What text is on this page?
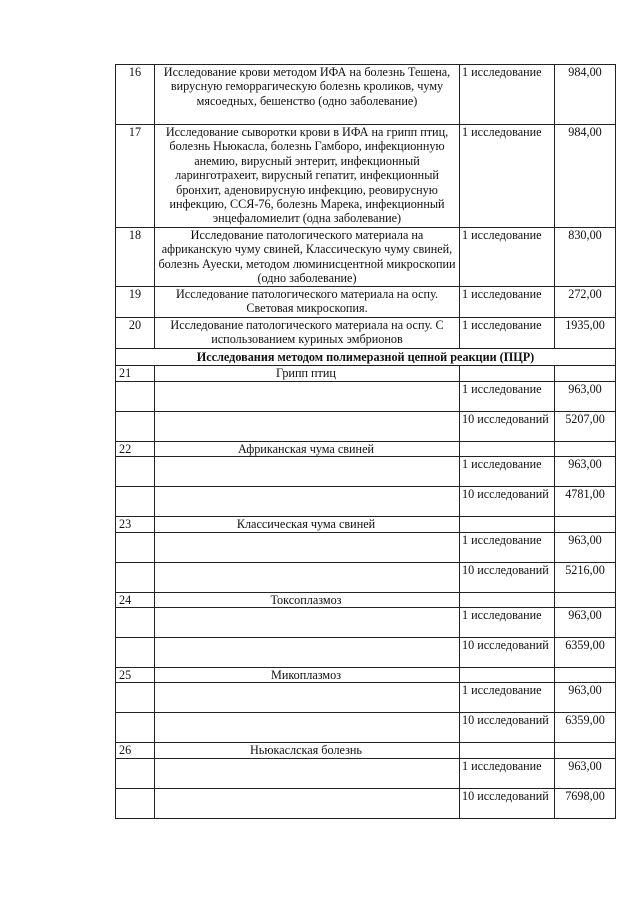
16	Исследование крови методом ИФА на болезнь Тешена, вирусную геморрагическую болезнь кроликов, чуму мясоедных, бешенство (одно заболевание)	1 исследование	984,00
17	Исследование сыворотки крови в ИФА на грипп птиц, болезнь Ньюкасла, болезнь Гамборо, инфекционную анемию, вирусный энтерит, инфекционный ларинготрахеит, вирусный гепатит, инфекционный бронхит, аденовирусную инфекцию, реовирусную инфекцию, ССЯ-76, болезнь Марека, инфекционный энцефаломиелит (одна заболевание)	1 исследование	984,00
18	Исследование патологического материала на африканскую чуму свиней, Классическую чуму свиней, болезнь Ауески, методом люминисцентной микроскопии (одно заболевание)	1 исследование	830,00
19	Исследование патологического материала на оспу. Световая микроскопия.	1 исследование	272,00
20	Исследование патологического материала на оспу. С использованием куриных эмбрионов	1 исследование	1935,00
Исследования методом полимеразной цепной реакции (ПЦР)			
21	Грипп птиц		
		1 исследование	963,00
		10 исследований	5207,00
22	Африканская чума свиней		
		1 исследование	963,00
		10 исследований	4781,00
23	Классическая чума свиней		
		1 исследование	963,00
		10 исследований	5216,00
24	Токсоплазмоз		
		1 исследование	963,00
		10 исследований	6359,00
25	Микоплазмоз		
		1 исследование	963,00
		10 исследований	6359,00
26	Ньюкаслская болезнь		
		1 исследование	963,00
		10 исследований	7698,00
